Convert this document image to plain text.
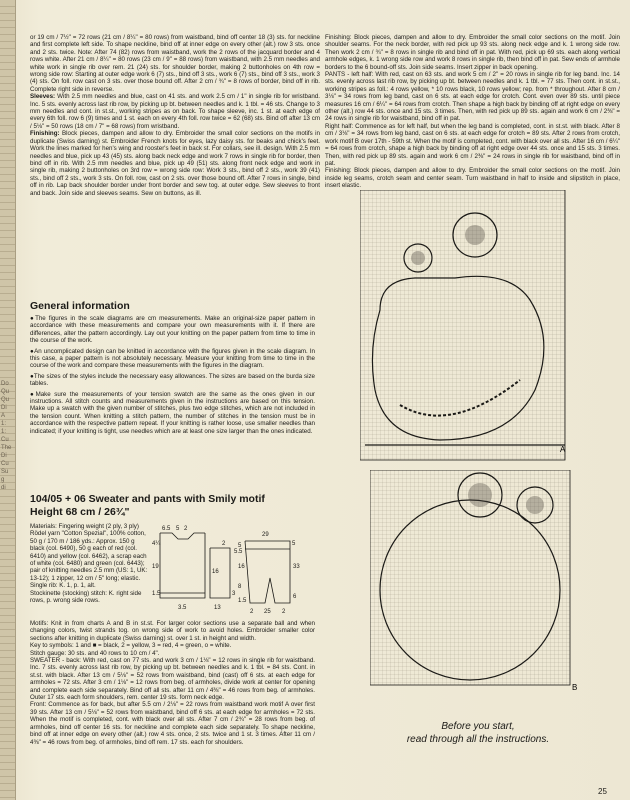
Do
Qu
Qu
Di
A
1:
1:
Cu
The
Di
Cu
Su
g
di

or 19 cm / 7½" = 72 rows (21 cm / 8¼" = 80 rows) from waistband, bind off center 18 (3) sts. for neckline and first complete left side. To shape neckline, bind off at inner edge on every other (alt.) row 3 sts. once and 2 sts. twice. Note: After 74 (82) rows from waistband, work the 2 rows of the jacquard border and 4 rows white. After 21 cm / 8¼" = 80 rows (23 cm / 9" = 88 rows) from waistband, with 2.5 mm needles and white work in single rib over rem. 21 (24) sts. for shoulder border, making 2 buttonholes on 4th row = wrong side row: Starting at outer edge work 6 (7) sts., bind off 3 sts., work 6 (7) sts., bind off 3 sts., work 3 (4) sts. On foll. row cast on 3 sts. over those bound off. After 2 cm / ¾" = 8 rows of border, bind off in rib. Complete right side in reverse.

Sleeves: With 2.5 mm needles and blue, cast on 41 sts. and work 2.5 cm / 1" in single rib for wristband. Inc. 5 sts. evenly across last rib row, by picking up bt. between needles and k. 1 tbl. = 46 sts. Change to 3 mm needles and cont. in st.st., working stripes as on back. To shape sleeve, inc. 1 st. at each edge of every 6th foll. row 6 (9) times and 1 st. each on every 4th foll. row twice = 62 (68) sts. Bind off after 13 cm / 5⅛" = 50 rows (18 cm / 7" = 68 rows) from wristband.

Finishing: Block pieces, dampen and allow to dry. Embroider the small color sections on the motifs in duplicate (Swiss darning) st. Embroider French knots for eyes, lazy daisy sts. for beaks and chick's feet. Work the lines marked for hen's wing and rooster's feet in back st. For collars, see ill. design. With 2.5 mm needles and blue, pick up 43 (45) sts. along back neck edge and work 7 rows in single rib for border, then bind off in rib. With 2.5 mm needles and blue, pick up 49 (51) sts. along front neck edge and work in single rib, making 2 buttonholes on 3rd row = wrong side row: Work 3 sts., bind off 2 sts., work 39 (41) sts., bind off 2 sts., work 3 sts. On foll. row, cast on 2 sts. over those bound off. After 7 rows in single, bind off in rib. Lap back shoulder border under front border and sew tog. at outer edge. Sew sleeves to front and back. Join side and sleeves seams. Sew on buttons, as ill.

General information

● The figures in the scale diagrams are cm measurements. Make an original-size paper pattern in accordance with these measurements and compare your own measurements with it. If there are differences, alter the pattern accordingly. Lay out your knitting on the paper pattern from time to time in the course of the work.

● An uncomplicated design can be knitted in accordance with the figures given in the scale diagram. In this case, a paper pattern is not absolutely necessary. Measure your knitting from time to time in the course of the work and compare these measurements with the figures in the diagram.

● The sizes of the styles include the necessary easy allowances. The sizes are based on the burda size tables.

● Make sure the measurements of your tension swatch are the same as the ones given in our instructions. All stitch counts and measurements given in the instructions are based on this tension. Make up a swatch with the given number of stitches, plus two edge stitches, which are not included in the tension count. When knitting a stitch pattern, the number of stitches in the tension must be in accordance with the respective pattern repeat. If your knitting is rather loose, use smaller needles than indicated; if your knitting is tight, use needles which are at least one size larger than the ones indicated.

104/05 + 06 Sweater and pants with Smily motif
Height 68 cm / 26¾"

Materials: Fingering weight (2 ply, 3 ply) Rödel yarn "Cotton Spezial", 100% cotton, 50 g / 170 m / 186 yds.: Approx. 150 g black (col. 6490), 50 g each of red (col. 6410) and yellow (col. 6462), a scrap each of white (col. 6480) and green (col. 6443); pair of knitting needles 2.5 mm (US: 1, UK: 13-12); 1 zipper, 12 cm / 5" long; elastic.

Single rib: K. 1, p. 1, alt.

Stockinette (stocking) stitch: K. right side rows, p. wrong side rows.

6.5 5 2
29
4¼
19
1.5
16
3
2	5
13
5.5
33
3.5
25
2	2
5
1.5
8
16
6

Motifs: Knit in from charts A and B in st.st. For larger color sections use a separate ball and when changing colors, twist strands tog. on wrong side of work to avoid holes. Embroider smaller color sections after knitting in duplicate (Swiss darning) st. over 1 st. in height and width.

Key to symbols: 1 and ■ = black, 2 = yellow, 3 = red, 4 = green, o = white.

Stitch gauge: 30 sts. and 40 rows to 10 cm / 4".

SWEATER - back: With red, cast on 77 sts. and work 3 cm / 1⅛" = 12 rows in single rib for waistband. Inc. 7 sts. evenly across last rib row, by picking up bt. between needles and k. 1 tbl. = 84 sts. Cont. in st.st. with black. After 13 cm / 5⅛" = 52 rows from waistband, bind (cast) off 6 sts. at each edge for armholes = 72 sts. After 3 cm / 1⅛" = 12 rows from beg. of armholes, divide work at center for opening and complete each side separately. Bind off all sts. after 11 cm / 4⅜" = 46 rows from beg. of armholes. Outer 17 sts. each form shoulders, rem. center 19 sts. form neck edge.

Front: Commence as for back, but after 5.5 cm / 2⅛" = 22 rows from waistband work motif A over first 39 sts. After 13 cm / 5⅛" = 52 rows from waistband, bind off 6 sts. at each edge for armholes = 72 sts. When the motif is completed, cont. with black over all sts. After 7 cm / 2¾" = 28 rows from beg. of armholes, bind off center 16 sts. for neckline and complete each side separately. To shape neckline, bind off at inner edge on every other (alt.) row 4 sts. once, 2 sts. twice and 1 st. 3 times. After 11 cm / 4⅜" = 46 rows from beg. of armholes, bind off rem. 17 sts. each for shoulders.

Finishing: Block pieces, dampen and allow to dry. Embroider the small color sections on the motif. Join shoulder seams. For the neck border, with red pick up 93 sts. along neck edge and k. 1 wrong side row. Then work 2 cm / ¾" = 8 rows in single rib and bind off in pat. With red, pick up 69 sts. each along vertical armhole edges, k. 1 wrong side row and work 8 rows in single rib, then bind off in pat. Sew ends of armhole borders to the 6 bound-off sts. Join side seams. Insert zipper in back opening.

PANTS - left half: With red, cast on 63 sts. and work 5 cm / 2" = 20 rows in single rib for leg band. Inc. 14 sts. evenly across last rib row, by picking up bt. between needles and k. 1 tbl. = 77 sts. Then cont. in st.st., working stripes as foll.: 4 rows yellow, * 10 rows black, 10 rows yellow; rep. from * throughout. After 8 cm / 3⅛" = 34 rows from leg band, cast on 6 sts. at each edge for crotch. Cont. even over 89 sts. until piece measures 16 cm / 6¼" = 64 rows from crotch. Then shape a high back by binding off at right edge on every other (alt.) row 44 sts. once and 15 sts. 3 times. Then, with red pick up 89 sts. again and work 6 cm / 2⅜" = 24 rows in single rib for waistband, bind off in pat.

Right half: Commence as for left half, but when the leg band is completed, cont. in st.st. with black. After 8 cm / 3⅛" = 34 rows from leg band, cast on 6 sts. at each edge for crotch = 89 sts. After 2 rows from crotch, work motif B over 17th - 59th st. When the motif is completed, cont. with black over all sts. After 16 cm / 6¼" = 64 rows from crotch, shape a high back by binding off at right edge over 44 sts. once and 15 sts. 3 times. Then, with red pick up 89 sts. again and work 6 cm / 2⅜" = 24 rows in single rib for waistband, bind off in pat.

Finishing: Block pieces, dampen and allow to dry. Embroider the small color sections on the motif. Join inside leg seams, crotch seam and center seam. Turn waistband in half to inside and slipstitch in place, insert elastic.

A
B
Before you start,
read through all the instructions.
25
